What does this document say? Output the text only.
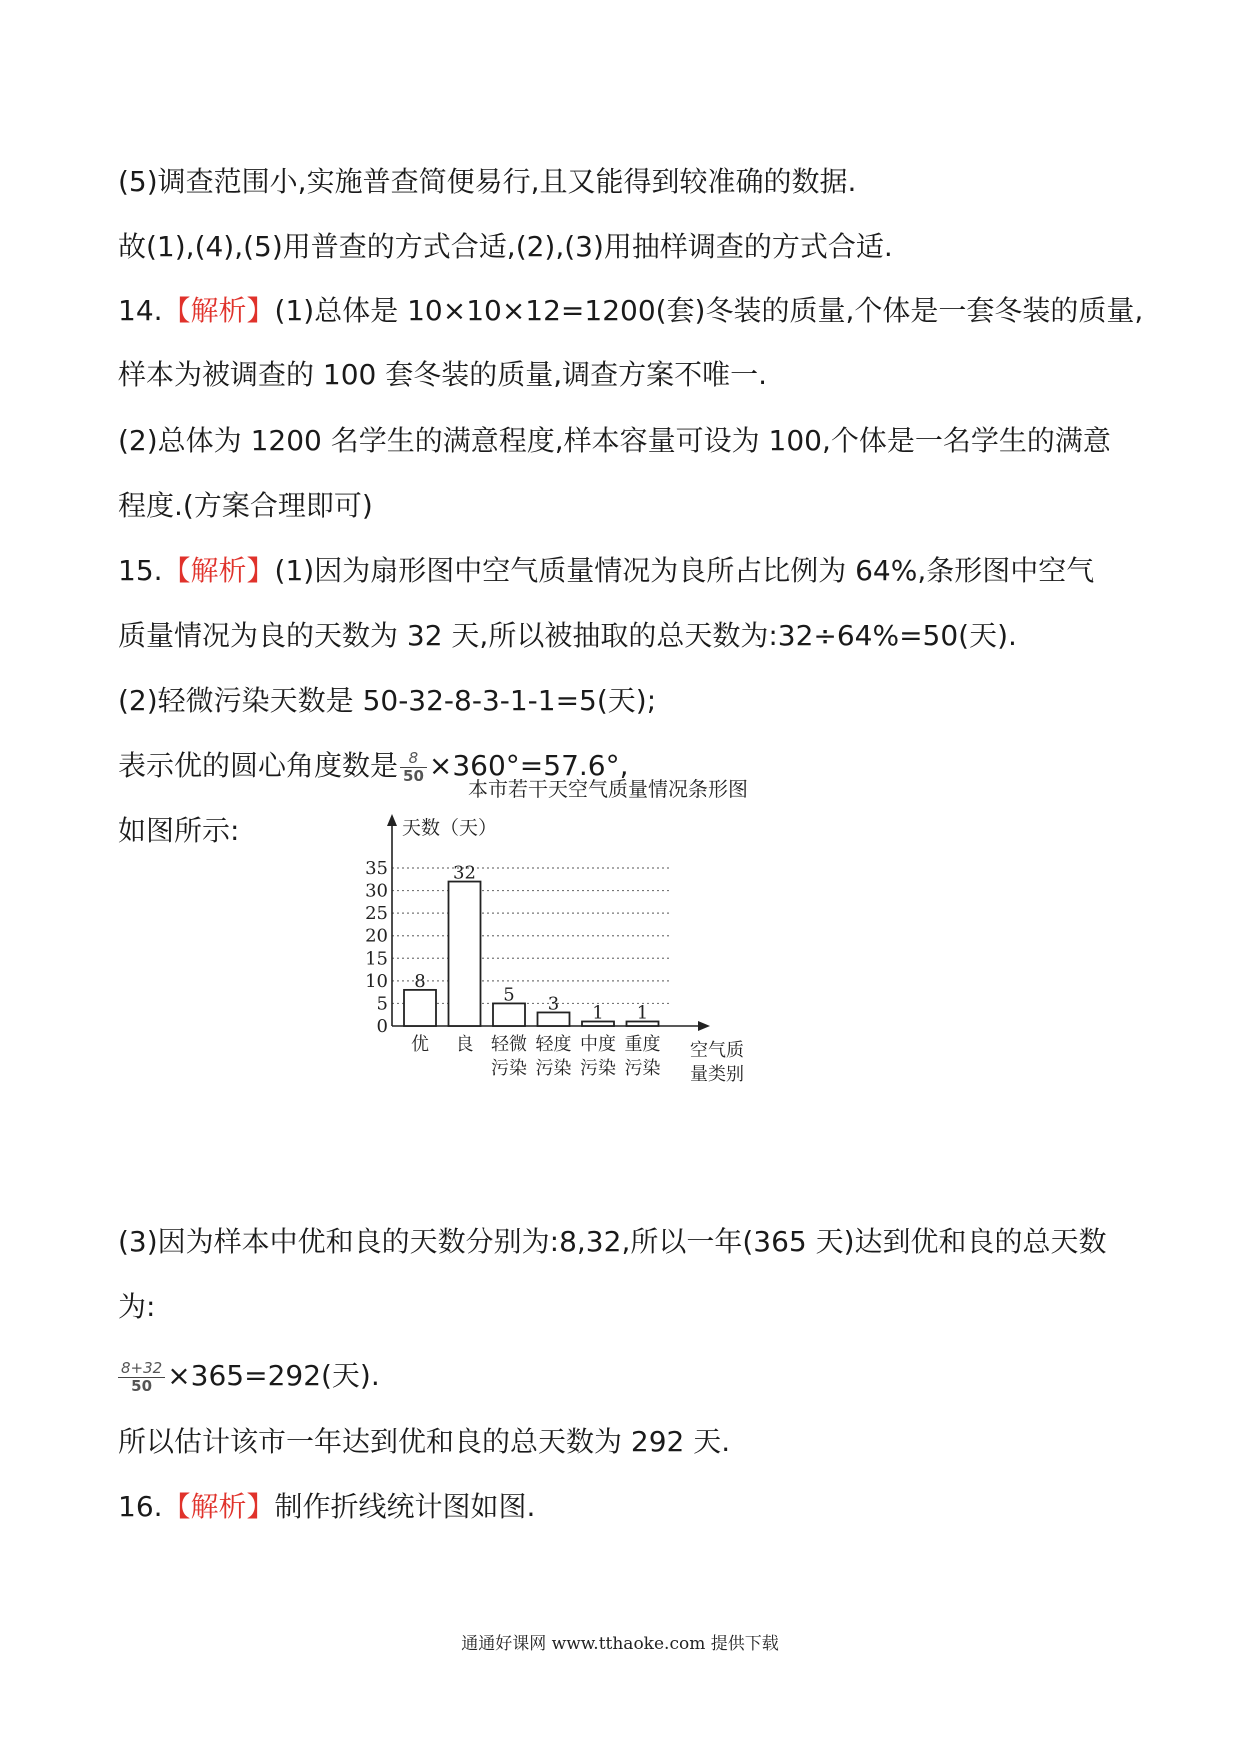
(5)调查范围小,实施普查简便易行,且又能得到较准确的数据.
故(1),(4),(5)用普查的方式合适,(2),(3)用抽样调查的方式合适.
14.【解析】(1)总体是 10×10×12=1200(套)冬装的质量,个体是一套冬装的质量,
样本为被调查的 100 套冬装的质量,调查方案不唯一.
(2)总体为 1200 名学生的满意程度,样本容量可设为 100,个体是一名学生的满意
程度.(方案合理即可)
15.【解析】(1)因为扇形图中空气质量情况为良所占比例为 64%,条形图中空气
质量情况为良的天数为 32 天,所以被抽取的总天数为:32÷64%=50(天).
(2)轻微污染天数是 50-32-8-3-1-1=5(天);
表示优的圆心角度数是 $\frac{8}{50} \times 360^\circ=57.6^\circ$,
如图所示:
本市若干天空气质量情况条形图
天数（天）
0
5
10
15
20
25
30
35
8
32
5 3 1 1
优 良 轻微
污染
轻度
污染
中度
污染
重度
污染
空气质
量类别
(3)因为样本中优和良的天数分别为:8,32,所以一年(365 天)达到优和良的总天数
为:
$\frac{8+32}{50} \times 365=292$(天).
所以估计该市一年达到优和良的总天数为 292 天.
16.【解析】制作折线统计图如图.
通通好课网 www.tthaoke.com 提供下载
